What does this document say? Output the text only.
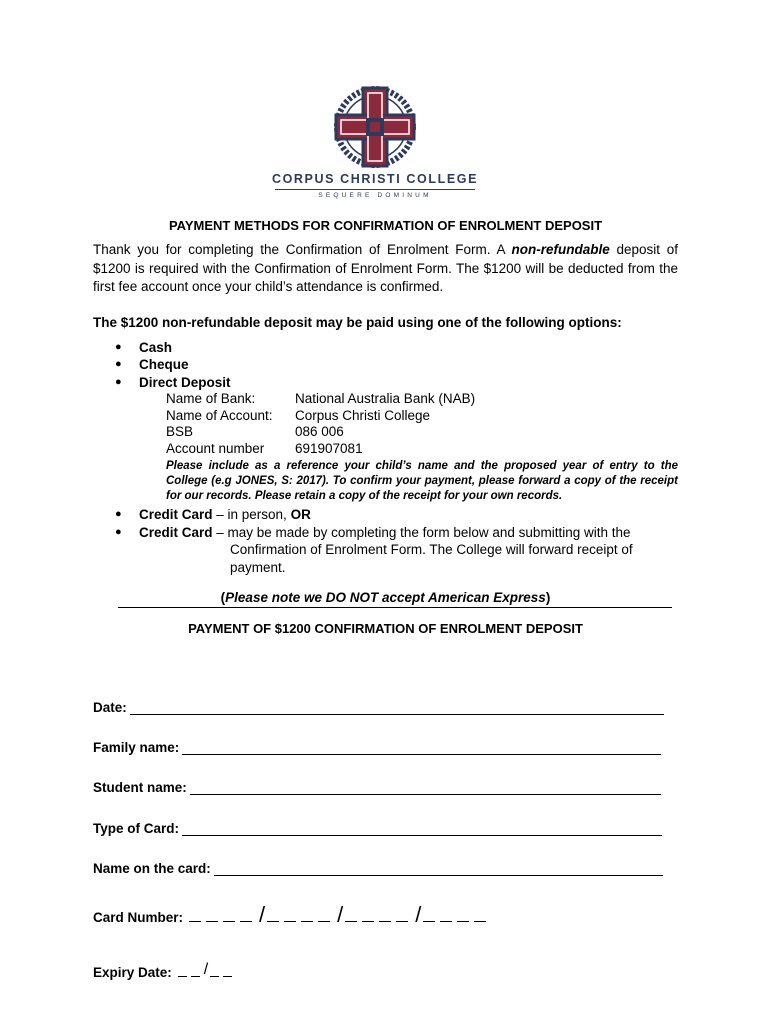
CORPUS CHRISTI COLLEGE
SEQUERE DOMINUM
PAYMENT METHODS FOR CONFIRMATION OF ENROLMENT DEPOSIT

Thank you for completing the Confirmation of Enrolment Form. A non-refundable deposit of $1200 is required with the Confirmation of Enrolment Form. The $1200 will be deducted from the first fee account once your child’s attendance is confirmed.

The $1200 non-refundable deposit may be paid using one of the following options:

● Cash
● Cheque
● Direct Deposit
Name of Bank:	National Australia Bank (NAB)
Name of Account:	Corpus Christi College
BSB	086 006
Account number	691907081
Please include as a reference your child’s name and the proposed year of entry to the College (e.g JONES, S: 2017). To confirm your payment, please forward a copy of the receipt for our records. Please retain a copy of the receipt for your own records.
● Credit Card – in person, OR
● Credit Card – may be made by completing the form below and submitting with the
Confirmation of Enrolment Form. The College will forward receipt of payment.
(Please note we DO NOT accept American Express)
PAYMENT OF $1200 CONFIRMATION OF ENROLMENT DEPOSIT
Date:
Family name:
Student name:
Type of Card:
Name on the card:
Card Number:	/	/	/
Expiry Date: /
